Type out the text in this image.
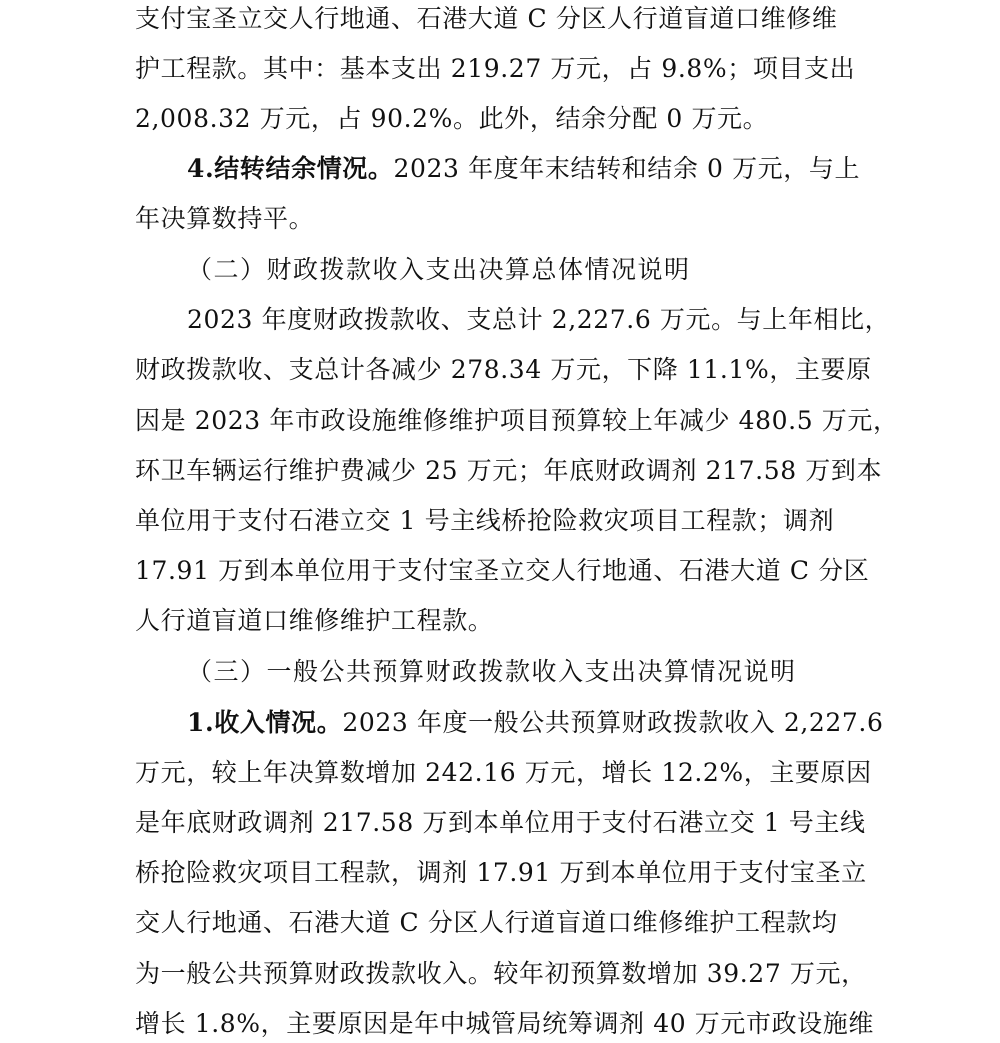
支付宝圣立交人行地通、石港大道 C 分区人行道盲道口维修维
护工程款。其中：基本支出 219.27 万元，占 9.8%；项目支出
2,008.32 万元，占 90.2%。此外，结余分配 0 万元。
4.结转结余情况。2023 年度年末结转和结余 0 万元，与上
年决算数持平。
（二）财政拨款收入支出决算总体情况说明
2023 年度财政拨款收、支总计 2,227.6 万元。与上年相比，
财政拨款收、支总计各减少 278.34 万元，下降 11.1%，主要原
因是 2023 年市政设施维修维护项目预算较上年减少 480.5 万元，
环卫车辆运行维护费减少 25 万元；年底财政调剂 217.58 万到本
单位用于支付石港立交 1 号主线桥抢险救灾项目工程款；调剂
17.91 万到本单位用于支付宝圣立交人行地通、石港大道 C 分区
人行道盲道口维修维护工程款。
（三）一般公共预算财政拨款收入支出决算情况说明
1.收入情况。2023 年度一般公共预算财政拨款收入 2,227.6
万元，较上年决算数增加 242.16 万元，增长 12.2%，主要原因
是年底财政调剂 217.58 万到本单位用于支付石港立交 1 号主线
桥抢险救灾项目工程款，调剂 17.91 万到本单位用于支付宝圣立
交人行地通、石港大道 C 分区人行道盲道口维修维护工程款均
为一般公共预算财政拨款收入。较年初预算数增加 39.27 万元，
增长 1.8%，主要原因是年中城管局统筹调剂 40 万元市政设施维
